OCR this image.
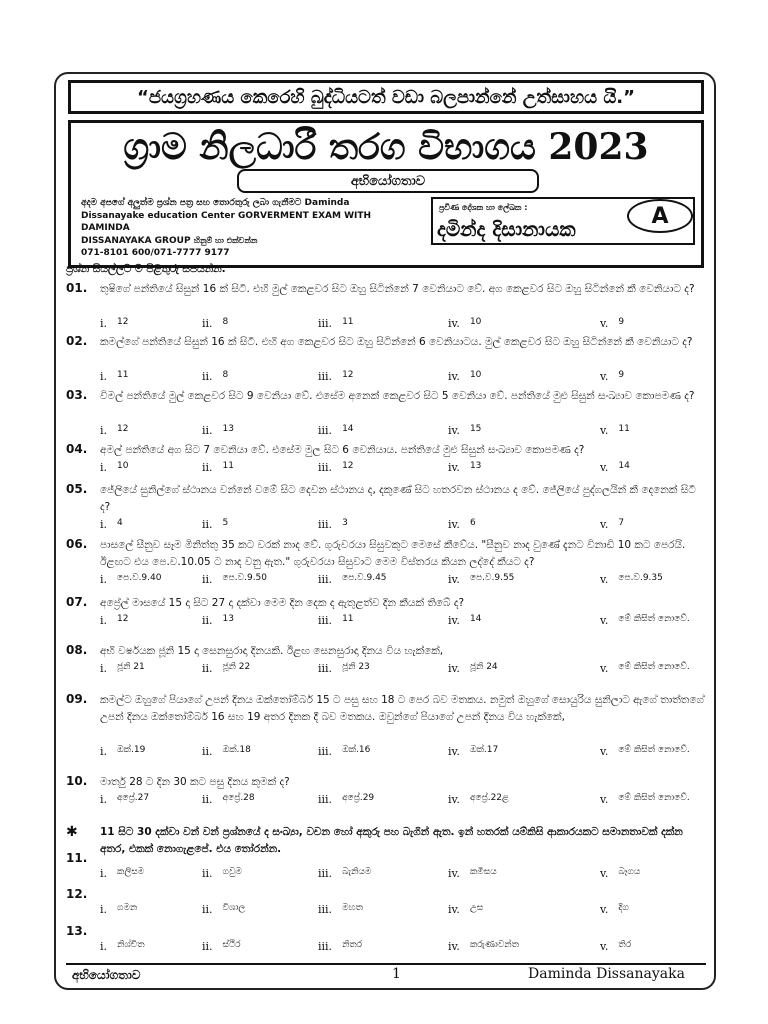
“ජයග්‍රහණය කෙරෙහි බුද්ධියටත් වඩා බලපාන්නේ උත්සාහය යි.”
ග්‍රාම නිලධාරී තරග විභාගය 2023
අභියෝගතාව
අදම අපගේ අලුත්ම ප්‍රශ්න පත්‍ර සහ තොරතුරු ලබා ගැනීමට Daminda
Dissanayake education Center GORVERMENT EXAM WITH DAMINDA
DISSANAYAKA GROUP හිනුම් හා එක්වන්න
071-8101 600/071-7777 9177
ප්‍රවීණ දේශක හා ලේඛක :
දමින්ද දිසානායක
A
ප්‍රශ්න සියල්ලට ම පිළිතුරු සපයන්න.
01. තුෂිගේ පන්තියේ සිසුන් 16 ක් සිටී. එහි මුල් කෙළවර සිට ඔහු සිටින්නේ 7 වෙනියාට වේ. අග කෙළවර සිට ඔහු සිටින්නේ කී වෙනියාට ද?
i. 12	ii. 8	iii. 11	iv. 10	v. 9
02. කමල්ගේ පන්තියේ සිසුන් 16 ක් සිටී. එහි අග කෙළවර සිට ඔහු සිටින්නේ 6 වෙනියාටය. මුල් කෙළවර සිට ඔහු සිටින්නේ කී වෙනියාට ද?
i. 11	ii. 8	iii. 12	iv. 10	v. 9
03. විමල් පන්තියේ මුල් කෙළවර සිට 9 වෙනියා වේ. එසේම අනෙක් කෙළවර සිට 5 වෙනියා වේ. පන්තියේ මුළු සිසුන් සංඛ්‍යාව කොපමණ ද?
i. 12	ii. 13	iii. 14	iv. 15	v. 11
04. අමල් පන්තියේ අග සිට 7 වෙනියා වේ. එසේම මුල සිට 6 වෙනියාය. පන්තියේ මුළු සිසුන් සංඛ්‍යාව කොපමණ ද?
i. 10	ii. 11	iii. 12	iv. 13	v. 14
05. ජේලියේ සුනිල්ගේ ස්ථානය වන්නේ වමේ සිට දෙවන ස්ථානය ද, දකුණේ සිට හතරවන ස්ථානය ද වේ. ජේලියේ පුද්ගලයින් කී දෙනෙක් සිටී ද?
i. 4	ii. 5	iii. 3	iv. 6	v. 7
06. පාසලේ සීනුව සෑම මිනිත්තු 35 කට වරක් නාද වේ. ගුරුවරයා සිසුවකුට මෙසේ කීවේය. "සීනුව නාද වුණේ දැනට විනාඩි 10 කට පෙරයි. ඊළඟට එය පෙ.ව.10.05 ට නාද වනු ඇත." ගුරුවරයා සිසුවාට මෙම විස්තරය කියන ලද්දේ කීයට ද?
i. පෙ.ව.9.40	ii. පෙ.ව.9.50	iii. පෙ.ව.9.45	iv. පෙ.ව.9.55	v. පෙ.ව.9.35
07. අප්‍රේල් මාසයේ 15 දා සිට 27 දා දක්වා මෙම දින දෙක ද ඇතුළත්ව දින කීයක් තිබේ ද?
i. 12	ii. 13	iii. 11	iv. 14	v. මේ කිසිත් නොවේ.
08. අභි වර්ෂයක ජූනි 15 දා සෙනසුරාදා දිනයකි. ඊළඟ සෙනසුරාදා දිනය විය හැක්කේ,
i. ජූනි 21	ii. ජූනි 22	iii. ජූනි 23	iv. ජූනි 24	v. මේ කිසිත් නොවේ.
09. කමල්ට ඔහුගේ පියාගේ උපන් දිනය ඔක්තෝම්බර් 15 ට පසු සහ 18 ට පෙර බව මතකය. නමුත් ඔහුගේ සොයුරිය සුනිලාට ඇගේ තාත්තගේ උපන් දිනය ඔක්තෝම්බර් 16 සහ 19 අතර දිනක දී බව මතකය. ඔවුන්ගේ පියාගේ උපන් දිනය විය හැක්කේ,
i. ඔක්.19	ii. ඔක්.18	iii. ඔක්.16	iv. ඔක්.17	v. මේ කිසිත් නොවේ.
10. මාර්තු 28 ට දින 30 කට පසු දිනය කුමක් ද?
i. අප්‍රේ.27	ii. අප්‍රේ.28	iii. අප්‍රේ.29	iv. අප්‍රේ.22ළ	v. මේ කිසිත් නොවේ.
✱ 11 සිට 30 දක්වා වන් වන් ප්‍රශ්නයේ ද සංඛ්‍යා, වචන හෝ අකුරු පහ බැගින් ඇත. ඉන් හතරක් යම්කිසි ආකාරයකට සමානතාවක් දක්න අතර, එකක් නොගැළපේ. එය තෝරන්න.
11.
i. කලිසම	ii. ගවුම	iii. බැනියම	iv. කමිසය	v. බෑගය
12.
i. ගමන	ii. විශාල	iii. මහත	iv. උස	v. දිග
13.
i. නිශ්චිත	ii. ස්ථිර	iii. නිතර	iv. කරුණාවන්ත	v. තිර
අභියෝගතාව	1	Daminda Dissanayaka
